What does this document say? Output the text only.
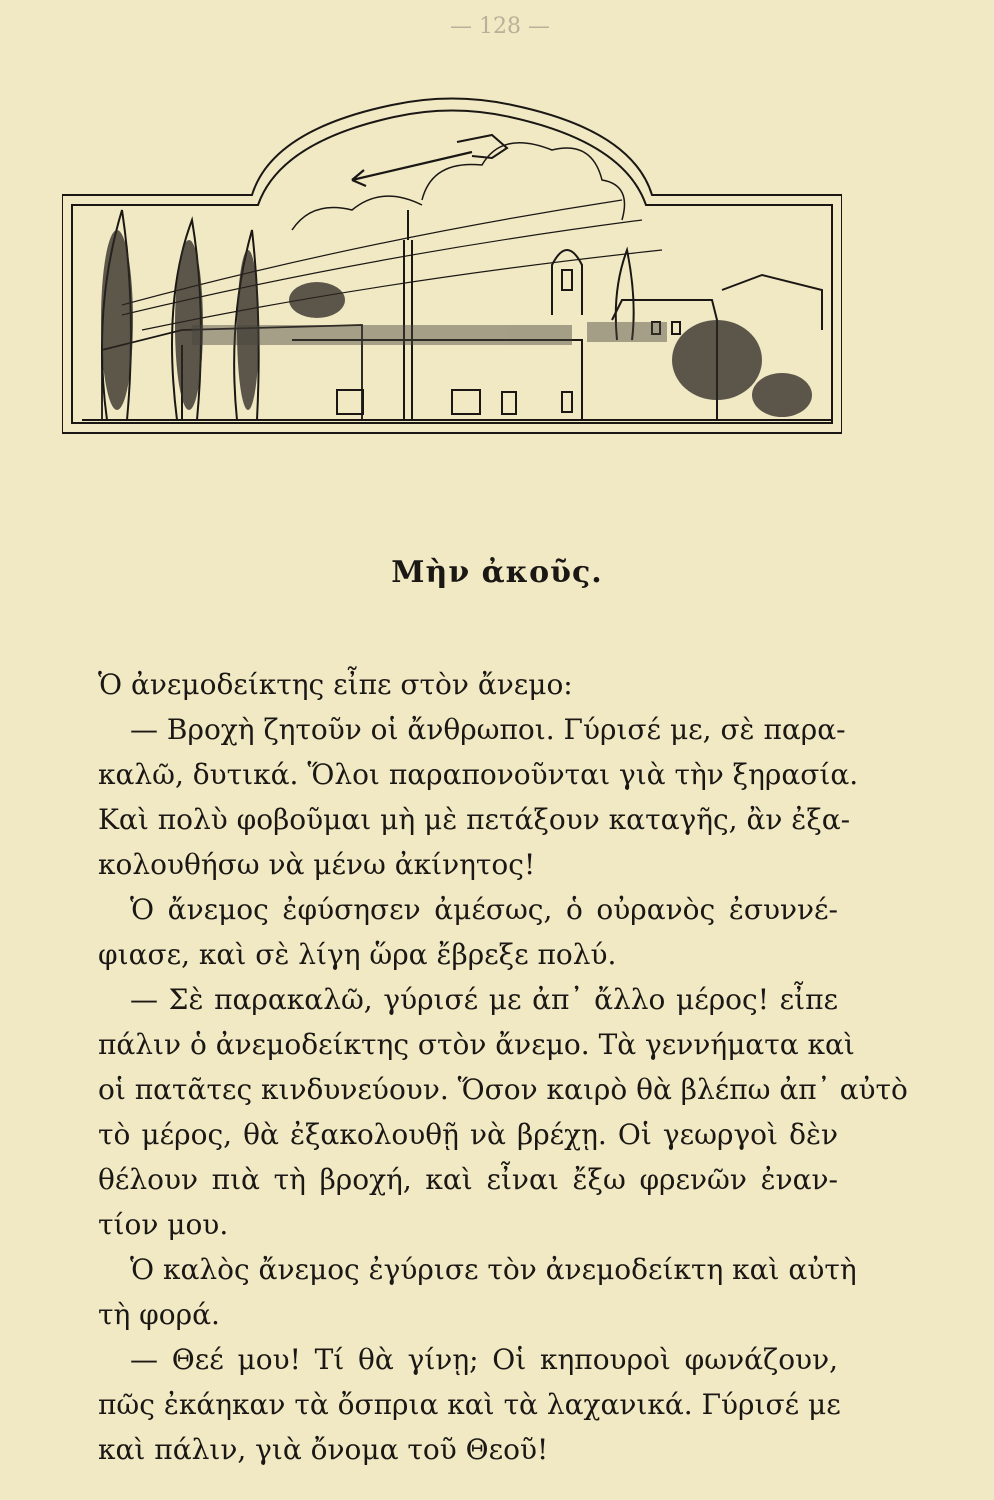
— 128 —
Μὴν ἀκοῦς.
Ὁ ἀνεμοδείκτης εἶπε στὸν ἄνεμο:
— Βροχὴ ζητοῦν οἱ ἄνθρωποι. Γύρισέ με, σὲ παρα-
καλῶ, δυτικά. Ὅλοι παραπονοῦνται γιὰ τὴν ξηρασία.
Καὶ πολὺ φοβοῦμαι μὴ μὲ πετάξουν καταγῆς, ἂν ἐξα-
κολουθήσω νὰ μένω ἀκίνητος!
Ὁ ἄνεμος ἐφύσησεν ἀμέσως, ὁ οὐρανὸς ἐσυννέ-
φιασε, καὶ σὲ λίγη ὥρα ἔβρεξε πολύ.
— Σὲ παρακαλῶ, γύρισέ με ἀπ᾿ ἄλλο μέρος! εἶπε
πάλιν ὁ ἀνεμοδείκτης στὸν ἄνεμο. Τὰ γεννήματα καὶ
οἱ πατᾶτες κινδυνεύουν. Ὅσον καιρὸ θὰ βλέπω ἀπ᾿ αὐτὸ
τὸ μέρος, θὰ ἐξακολουθῇ νὰ βρέχῃ. Οἱ γεωργοὶ δὲν
θέλουν πιὰ τὴ βροχή, καὶ εἶναι ἔξω φρενῶν ἐναν-
τίον μου.
Ὁ καλὸς ἄνεμος ἐγύρισε τὸν ἀνεμοδείκτη καὶ αὐτὴ
τὴ φορά.
— Θεέ μου! Τί θὰ γίνῃ; Οἱ κηπουροὶ φωνάζουν,
πῶς ἐκάηκαν τὰ ὄσπρια καὶ τὰ λαχανικά. Γύρισέ με
καὶ πάλιν, γιὰ ὄνομα τοῦ Θεοῦ!
